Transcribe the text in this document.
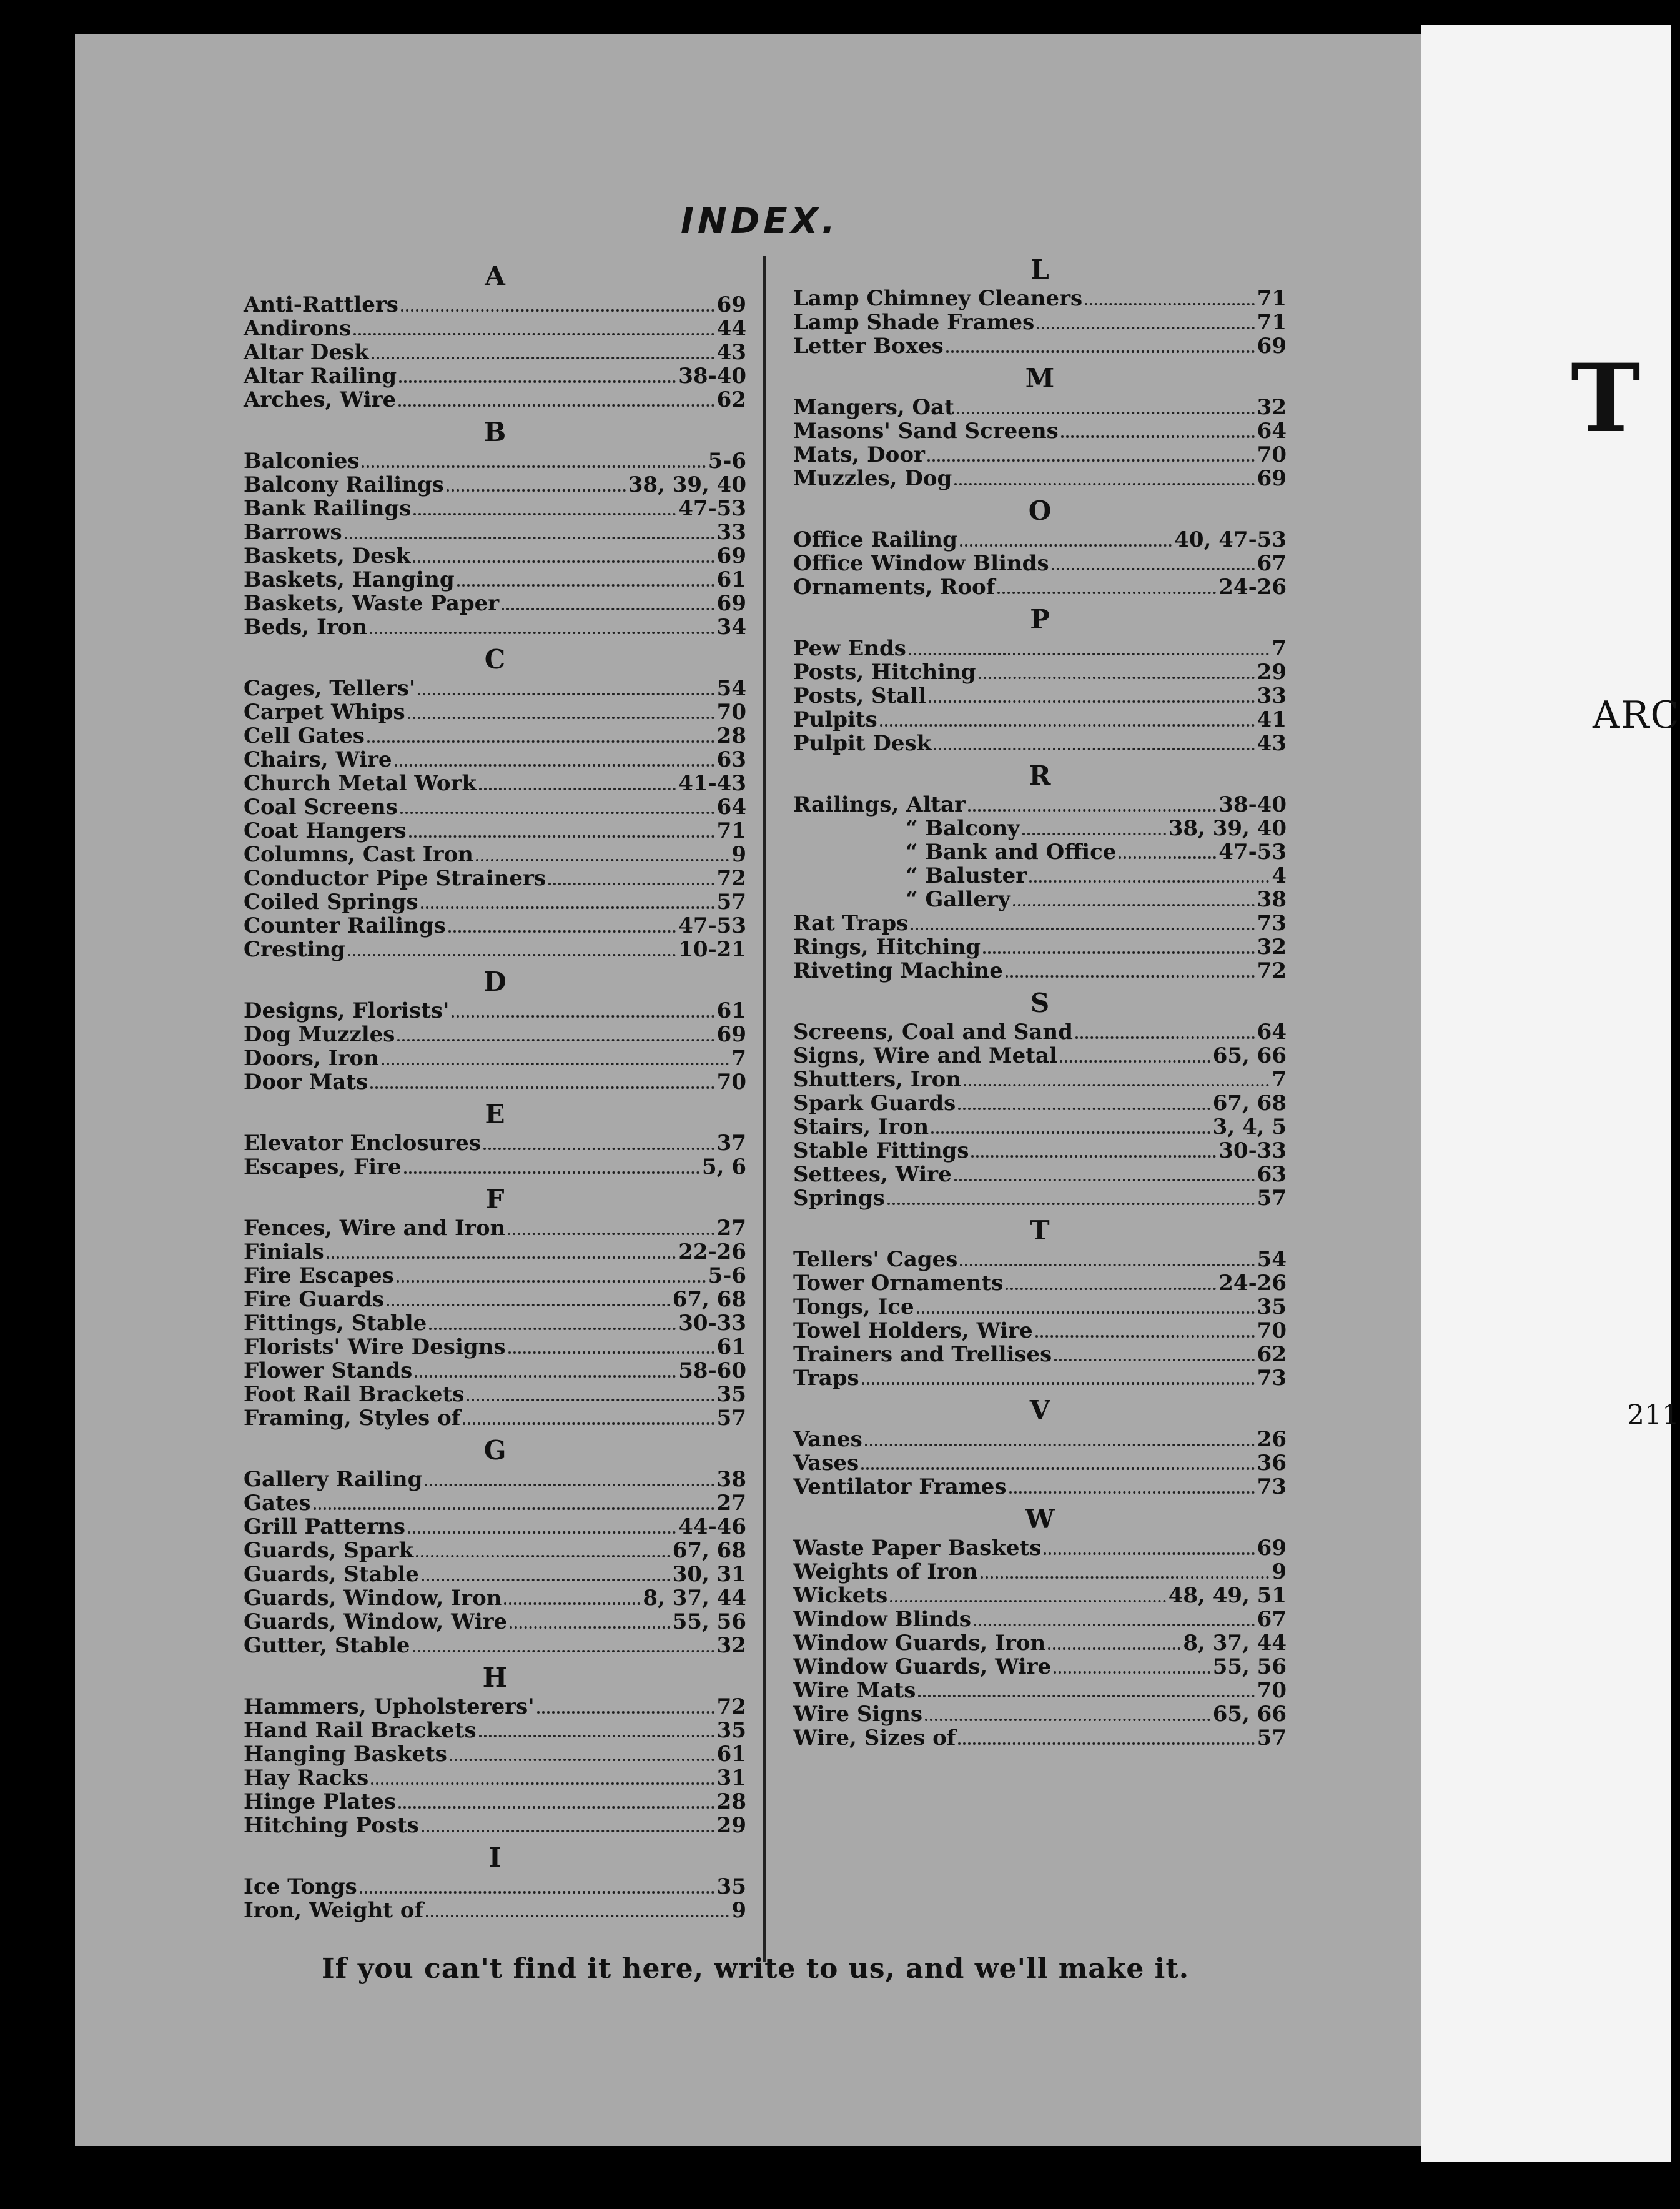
T
ARC
211
INDEX.
A
Anti-Rattlers	69
Andirons	44
Altar Desk	43
Altar Railing	38-40
Arches, Wire	62
B
Balconies	5-6
Balcony Railings	38, 39, 40
Bank Railings	47-53
Barrows	33
Baskets, Desk	69
Baskets, Hanging	61
Baskets, Waste Paper	69
Beds, Iron	34
C
Cages, Tellers'	54
Carpet Whips	70
Cell Gates	28
Chairs, Wire	63
Church Metal Work	41-43
Coal Screens	64
Coat Hangers	71
Columns, Cast Iron	9
Conductor Pipe Strainers	72
Coiled Springs	57
Counter Railings	47-53
Cresting	10-21
D
Designs, Florists'	61
Dog Muzzles	69
Doors, Iron	7
Door Mats	70
E
Elevator Enclosures	37
Escapes, Fire	5, 6
F
Fences, Wire and Iron	27
Finials	22-26
Fire Escapes	5-6
Fire Guards	67, 68
Fittings, Stable	30-33
Florists' Wire Designs	61
Flower Stands	58-60
Foot Rail Brackets	35
Framing, Styles of	57
G
Gallery Railing	38
Gates	27
Grill Patterns	44-46
Guards, Spark	67, 68
Guards, Stable	30, 31
Guards, Window, Iron	8, 37, 44
Guards, Window, Wire	55, 56
Gutter, Stable	32
H
Hammers, Upholsterers'	72
Hand Rail Brackets	35
Hanging Baskets	61
Hay Racks	31
Hinge Plates	28
Hitching Posts	29
I
Ice Tongs	35
Iron, Weight of	9
L
Lamp Chimney Cleaners	71
Lamp Shade Frames	71
Letter Boxes	69
M
Mangers, Oat	32
Masons' Sand Screens	64
Mats, Door	70
Muzzles, Dog	69
O
Office Railing	40, 47-53
Office Window Blinds	67
Ornaments, Roof	24-26
P
Pew Ends	7
Posts, Hitching	29
Posts, Stall	33
Pulpits	41
Pulpit Desk	43
R
Railings, Altar	38-40
“ Balcony	38, 39, 40
“ Bank and Office	47-53
“ Baluster	4
“ Gallery	38
Rat Traps	73
Rings, Hitching	32
Riveting Machine	72
S
Screens, Coal and Sand	64
Signs, Wire and Metal	65, 66
Shutters, Iron	7
Spark Guards	67, 68
Stairs, Iron	3, 4, 5
Stable Fittings	30-33
Settees, Wire	63
Springs	57
T
Tellers' Cages	54
Tower Ornaments	24-26
Tongs, Ice	35
Towel Holders, Wire	70
Trainers and Trellises	62
Traps	73
V
Vanes	26
Vases	36
Ventilator Frames	73
W
Waste Paper Baskets	69
Weights of Iron	9
Wickets	48, 49, 51
Window Blinds	67
Window Guards, Iron	8, 37, 44
Window Guards, Wire	55, 56
Wire Mats	70
Wire Signs	65, 66
Wire, Sizes of	57
If you can't find it here, write to us, and we'll make it.
